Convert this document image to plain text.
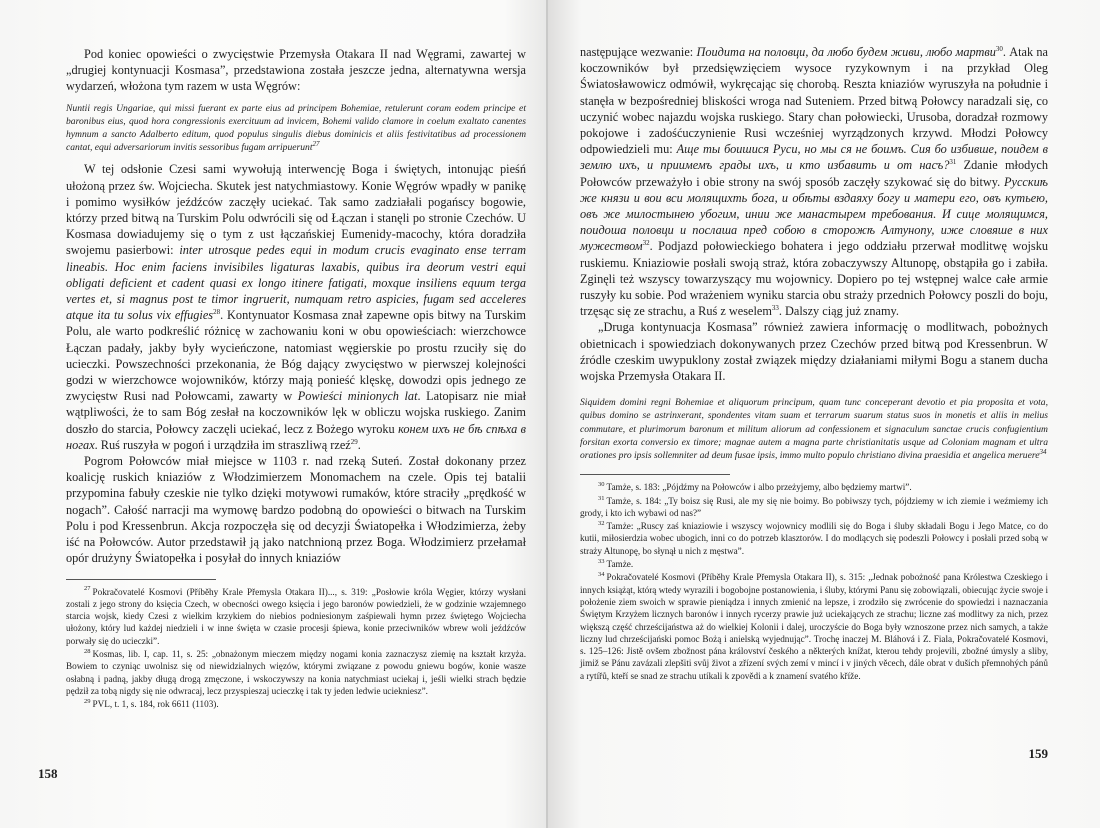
Pod koniec opowieści o zwycięstwie Przemysła Otakara II nad Węgrami, zawartej w „drugiej kontynuacji Kosmasa”, przedstawiona została jeszcze jedna, alternatywna wersja wydarzeń, włożona tym razem w usta Węgrów:

Nuntii regis Ungariae, qui missi fuerant ex parte eius ad principem Bohemiae, retulerunt coram eodem principe et baronibus eius, quod hora congressionis exercituum ad invicem, Bohemi valido clamore in coelum exaltato canentes hymnum a sancto Adalberto editum, quod populus singulis diebus dominicis et aliis festivitatibus ad processionem cantat, equi adversariorum invitis sessoribus fugam arripuerunt$^{27}$

W tej odsłonie Czesi sami wywołują interwencję Boga i świętych, intonując pieśń ułożoną przez św. Wojciecha. Skutek jest natychmiastowy. Konie Węgrów wpadły w panikę i pomimo wysiłków jeźdźców zaczęły uciekać. Tak samo zadziałali pogańscy bogowie, którzy przed bitwą na Turskim Polu odwrócili się od Łączan i stanęli po stronie Czechów. U Kosmasa dowiadujemy się o tym z ust łączańskiej Eumenidy-macochy, która doradziła swojemu pasierbowi: inter utrosque pedes equi in modum crucis evaginato ense terram lineabis. Hoc enim faciens invisibiles ligaturas laxabis, quibus ira deorum vestri equi obligati deficient et cadent quasi ex longo itinere fatigati, moxque insiliens equum terga vertes et, si magnus post te timor ingruerit, numquam retro aspicies, fugam sed acceleres atque ita tu solus vix effugies$^{28}$. Kontynuator Kosmasa znał zapewne opis bitwy na Turskim Polu, ale warto podkreślić różnicę w zachowaniu koni w obu opowieściach: wierzchowce Łączan padały, jakby były wycieńczone, natomiast węgierskie po prostu rzuciły się do ucieczki. Powszechności przekonania, że Bóg dający zwycięstwo w pierwszej kolejności godzi w wierzchowce wojowników, którzy mają ponieść klęskę, dowodzi opis jednego ze zwycięstw Rusi nad Połowcami, zawarty w Powieści minionych lat. Latopisarz nie miał wątpliwości, że to sam Bóg zesłał na koczowników lęk w obliczu wojska ruskiego. Zanim doszło do starcia, Połowcy zaczęli uciekać, lecz z Bożego wyroku конем ихъ не бѣ спѣха в ногах. Ruś ruszyła w pogoń i urządziła im straszliwą rzeź$^{29}$.

Pogrom Połowców miał miejsce w 1103 r. nad rzeką Suteń. Został dokonany przez koalicję ruskich kniaziów z Włodzimierzem Monomachem na czele. Opis tej batalii przypomina fabuły czeskie nie tylko dzięki motywowi rumaków, które straciły „prędkość w nogach”. Całość narracji ma wymowę bardzo podobną do opowieści o bitwach na Turskim Polu i pod Kressenbrun. Akcja rozpoczęła się od decyzji Światopełka i Włodzimierza, żeby iść na Połowców. Autor przedstawił ją jako natchnioną przez Boga. Włodzimierz przełamał opór drużyny Światopełka i posyłał do innych kniaziów

$^{27}$ Pokračovatelé Kosmovi (Příběhy Krale Přemysla Otakara II)..., s. 319: „Posłowie króla Węgier, którzy wysłani zostali z jego strony do księcia Czech, w obecności owego księcia i jego baronów powiedzieli, że w godzinie wzajemnego starcia wojsk, kiedy Czesi z wielkim krzykiem do niebios podniesionym zaśpiewali hymn przez świętego Wojciecha ułożony, który lud każdej niedzieli i w inne święta w czasie procesji śpiewa, konie przeciwników wbrew woli jeźdźców porwały się do ucieczki”.

$^{28}$ Kosmas, lib. I, cap. 11, s. 25: „obnażonym mieczem między nogami konia zaznaczysz ziemię na kształt krzyża. Bowiem to czyniąc uwolnisz się od niewidzialnych więzów, którymi związane z powodu gniewu bogów, konie wasze osłabną i padną, jakby długą drogą zmęczone, i wskoczywszy na konia natychmiast uciekaj i, jeśli wielki strach będzie pędził za tobą nigdy się nie odwracaj, lecz przyspieszaj ucieczkę i tak ty jeden ledwie uciekniesz”.

$^{29}$ PVL, t. 1, s. 184, rok 6611 (1103).

158

następujące wezwanie: Поидита на половци, да любо будем живи, любо мартви$^{30}$. Atak na koczowników był przedsięwzięciem wysoce ryzykownym i na przykład Oleg Światosławowicz odmówił, wykręcając się chorobą. Reszta kniaziów wyruszyła na południe i stanęła w bezpośredniej bliskości wroga nad Suteniem. Przed bitwą Połowcy naradzali się, co uczynić wobec najazdu wojska ruskiego. Stary chan połowiecki, Urusoba, doradzał rozmowy pokojowe i zadośćuczynienie Rusi wcześniej wyrządzonych krzywd. Młodzi Połowcy odpowiedzieli mu: Аще ты боишися Руси, но мы ся не боимъ. Сия бо избивше, поидем в землю ихъ, и приимемъ грады ихъ, и кто избавить и от насъ?$^{31}$ Zdanie młodych Połowców przeważyło i obie strony na swój sposób zaczęły szykować się do bitwy. Русскиѣ же князи и вои вси молящихть бога, и обѣты вздаяху богу и матери его, овъ кутьею, овъ же милостынею убогим, инии же манастырем требования. И сице молящимся, поидоша половци и послаша пред собою в сторожѣ Алтунопу, иже словяше в них мужеством$^{32}$. Podjazd połowieckiego bohatera i jego oddziału przerwał modlitwę wojsku ruskiemu. Kniaziowie posłali swoją straż, która zobaczywszy Altunopę, obstąpiła go i zabiła. Zginęli też wszyscy towarzyszący mu wojownicy. Dopiero po tej wstępnej walce całe armie ruszyły ku sobie. Pod wrażeniem wyniku starcia obu straży przednich Połowcy poszli do boju, trzęsąc się ze strachu, a Ruś z weselem$^{33}$. Dalszy ciąg już znamy.

„Druga kontynuacja Kosmasa” również zawiera informację o modlitwach, pobożnych obietnicach i spowiedziach dokonywanych przez Czechów przed bitwą pod Kressenbrun. W źródle czeskim uwypuklony został związek między działaniami miłymi Bogu a stanem ducha wojska Przemysła Otakara II.

Siquidem domini regni Bohemiae et aliquorum principum, quam tunc conceperant devotio et pia proposita et vota, quibus domino se astrinxerant, spondentes vitam suam et terrarum suarum status suos in monetis et aliis in melius commutare, et plurimorum baronum et militum aliorum ad confessionem et signaculum sanctae crucis confugientium forsitan exorta conversio ex timore; magnae autem a magna parte christianitatis usque ad Coloniam magnam et ultra orationes pro ipsis sollemniter ad deum fusae ipsis, immo multo populo christiano divina praesidia et angelica meruere$^{34}$

$^{30}$ Tamże, s. 183: „Pójdźmy na Połowców i albo przeżyjemy, albo będziemy martwi”.

$^{31}$ Tamże, s. 184: „Ty boisz się Rusi, ale my się nie boimy. Bo pobiwszy tych, pójdziemy w ich ziemie i weźmiemy ich grody, i kto ich wybawi od nas?”

$^{32}$ Tamże: „Ruscy zaś kniaziowie i wszyscy wojownicy modlili się do Boga i śluby składali Bogu i Jego Matce, co do kutii, miłosierdzia wobec ubogich, inni co do potrzeb klasztorów. I do modlących się podeszli Połowcy i posłali przed sobą w straży Altunopę, bo słynął u nich z męstwa”.

$^{33}$ Tamże.

$^{34}$ Pokračovatelé Kosmovi (Příběhy Krale Přemysla Otakara II), s. 315: „Jednak pobożność pana Królestwa Czeskiego i innych książąt, którą wtedy wyrazili i bogobojne postanowienia, i śluby, którymi Panu się zobowiązali, obiecując życie swoje i położenie ziem swoich w sprawie pieniądza i innych zmienić na lepsze, i zrodziło się zwrócenie do spowiedzi i naznaczania Świętym Krzyżem licznych baronów i innych rycerzy prawie już uciekających ze strachu; liczne zaś modlitwy za nich, przez większą część chrześcijaństwa aż do wielkiej Kolonii i dalej, uroczyście do Boga były wznoszone przez nich samych, a także liczny lud chrześcijański pomoc Bożą i anielską wyjednując”. Trochę inaczej M. Bláhová i Z. Fiala, Pokračovatelé Kosmovi, s. 125–126: Jistě ovšem zbožnost pána království českého a některých knížat, kterou tehdy projevili, zbožné úmysly a sliby, jimiž se Pánu zavázali zlepšiti svůj život a zřízení svých zemí v mincí i v jiných věcech, dále obrat v duších přemnohých pánů a rytířů, kteří se snad ze strachu utíkali k zpovědi a k znamení svatého kříže.

159
